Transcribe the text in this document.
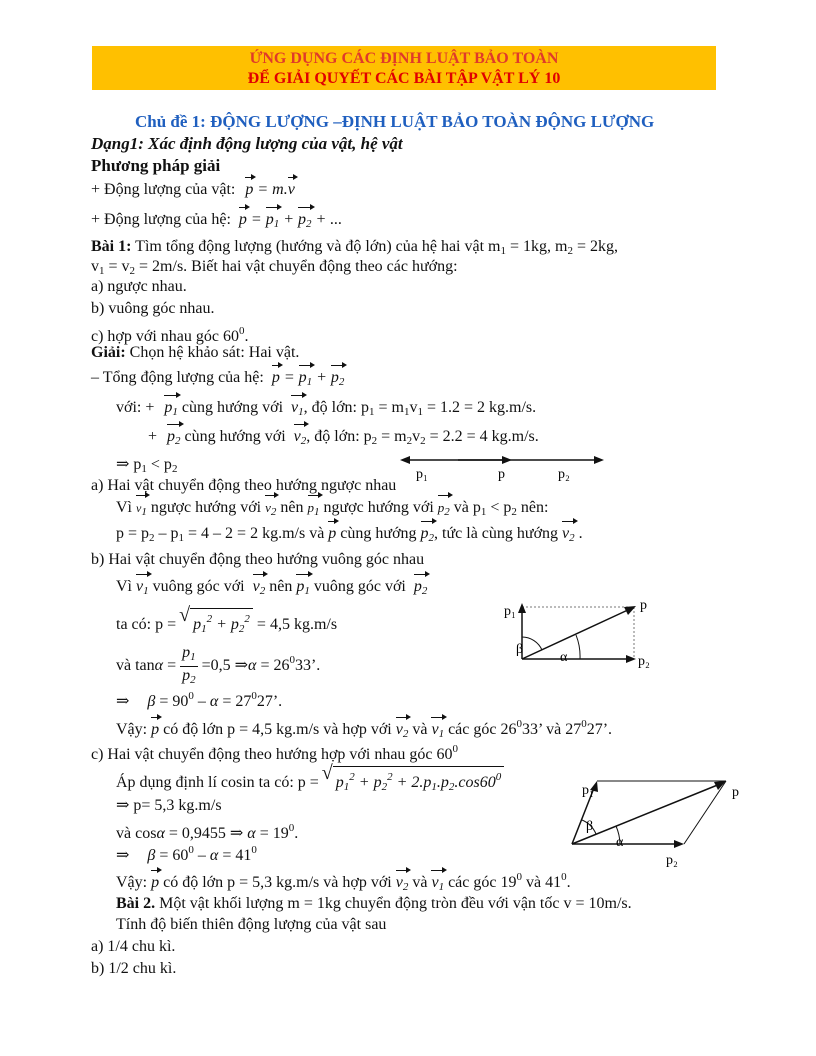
ỨNG DỤNG CÁC ĐỊNH LUẬT BẢO TOÀN
ĐỂ GIẢI QUYẾT CÁC BÀI TẬP VẬT LÝ 10
Chủ đề 1: ĐỘNG LƯỢNG –ĐỊNH LUẬT BẢO TOÀN ĐỘNG LƯỢNG
Dạng1: Xác định động lượng của vật, hệ vật
Phương pháp giải
+ Động lượng của vật: p = m.v
+ Động lượng của hệ: $p = p_1 + p_2$ + ...
Bài 1: Tìm tổng động lượng (hướng và độ lớn) của hệ hai vật $m_1 = 1kg$, $m_2 = 2kg$,
$v_1 = v_2 = 2m/s$. Biết hai vật chuyển động theo các hướng:
a) ngược nhau.
b) vuông góc nhau.
c) hợp với nhau góc $60^0$.
Giải: Chọn hệ khảo sát: Hai vật.
– Tổng động lượng của hệ: $p = p_1 + p_2$
với: + $p_1$ cùng hướng với $v_1$, độ lớn: $p_1 = m_1v_1 = 1.2 = 2$ kg.m/s.
+ $p_2$ cùng hướng với $v_2$, độ lớn: $p_2 = m_2v_2 = 2.2 = 4$ kg.m/s.
⇒ $p_1 < p_2$	p₁	p	p₂
a) Hai vật chuyển động theo hướng ngược nhau
Vì $v_1$ ngược hướng với $v_2$ nên $p_1$ ngược hướng với $p_2$ và $p_1 < p_2$ nên:
$p = p_2 - p_1 = 4 - 2 = 2$ kg.m/s và p cùng hướng $p_2$, tức là cùng hướng $v_2$ .
b) Hai vật chuyển động theo hướng vuông góc nhau
Vì $v_1$ vuông góc với $v_2$ nên $p_1$ vuông góc với $p_2$
ta có: p = √ $p_1^2 + p_2^2 = 4,5$ kg.m/s
và $\tan\alpha = \frac{p_1}{p_2} =0,5$ ⇒α = $26^033$’.
⇒ $\beta = 90^0 - \alpha = 27^027$’.
Vậy: p có độ lớn p = 4,5 kg.m/s và hợp với $v_2$ và $v_1$ các góc $26^033$’ và $27^027$’.
p₁	p
p₂
β
α
c) Hai vật chuyển động theo hướng hợp với nhau góc $60^0$
Áp dụng định lí cosin ta có: p = √ $p_1^2 + p_2^2 + 2.p_1.p_2.\cos 60^0$
⇒ p= 5,3 kg.m/s
và cosα = 0,9455 ⇒ $\alpha = 19^0$.
⇒ $\beta = 60^0 - \alpha = 41^0$
Vậy: p có độ lớn p = 5,3 kg.m/s và hợp với $v_2$ và $v_1$ các góc $19^0$ và $41^0$.
p₁	p
p₂
β
α
Bài 2. Một vật khối lượng m = 1kg chuyển động tròn đều với vận tốc v = 10m/s.
Tính độ biến thiên động lượng của vật sau
a) 1/4 chu kì.
b) 1/2 chu kì.
